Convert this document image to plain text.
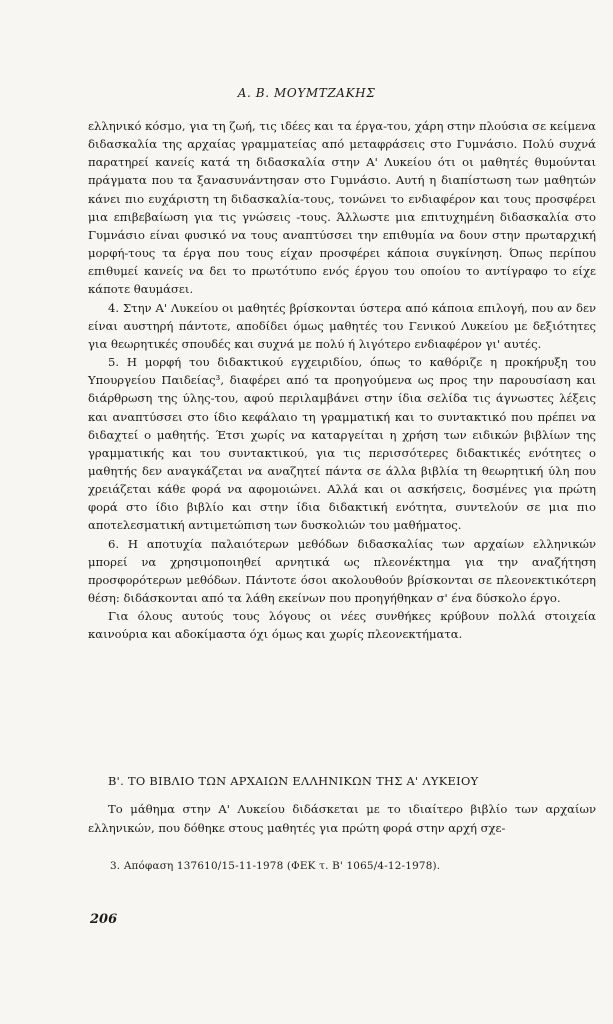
Α. Β. ΜΟΥΜΤΖΑΚΗΣ

ελληνικό κόσμο, για τη ζωή, τις ιδέες και τα έργα-του, χάρη στην πλούσια σε κείμενα διδασκαλία της αρχαίας γραμματείας από μεταφράσεις στο Γυμνάσιο. Πολύ συχνά παρατηρεί κανείς κατά τη διδασκαλία στην Α' Λυκείου ότι οι μαθητές θυμούνται πράγματα που τα ξανασυνάντησαν στο Γυμνάσιο. Αυτή η διαπίστωση των μαθητών κάνει πιο ευχάριστη τη διδασκαλία-τους, τονώνει το ενδιαφέρον και τους προσφέρει μια επιβεβαίωση για τις γνώσεις -τους. Άλλωστε μια επιτυχημένη διδασκαλία στο Γυμνάσιο είναι φυσικό να τους αναπτύσσει την επιθυμία να δουν στην πρωταρχική μορφή-τους τα έργα που τους είχαν προσφέρει κάποια συγκίνηση. Όπως περίπου επιθυμεί κανείς να δει το πρωτότυπο ενός έργου του οποίου το αντίγραφο το είχε κάποτε θαυμάσει.

4. Στην Α' Λυκείου οι μαθητές βρίσκονται ύστερα από κάποια επιλογή, που αν δεν είναι αυστηρή πάντοτε, αποδίδει όμως μαθητές του Γενικού Λυκείου με δεξιότητες για θεωρητικές σπουδές και συχνά με πολύ ή λιγότερο ενδιαφέρον γι' αυτές.

5. Η μορφή του διδακτικού εγχειριδίου, όπως το καθόριζε η προκήρυξη του Υπουργείου Παιδείας³, διαφέρει από τα προηγούμενα ως προς την παρουσίαση και διάρθρωση της ύλης-του, αφού περιλαμβάνει στην ίδια σελίδα τις άγνωστες λέξεις και αναπτύσσει στο ίδιο κεφάλαιο τη γραμματική και το συντακτικό που πρέπει να διδαχτεί ο μαθητής. Έτσι χωρίς να καταργείται η χρήση των ειδικών βιβλίων της γραμματικής και του συντακτικού, για τις περισσότερες διδακτικές ενότητες ο μαθητής δεν αναγκάζεται να αναζητεί πάντα σε άλλα βιβλία τη θεωρητική ύλη που χρειάζεται κάθε φορά να αφομοιώνει. Αλλά και οι ασκήσεις, δοσμένες για πρώτη φορά στο ίδιο βιβλίο και στην ίδια διδακτική ενότητα, συντελούν σε μια πιο αποτελεσματική αντιμετώπιση των δυσκολιών του μαθήματος.

6. Η αποτυχία παλαιότερων μεθόδων διδασκαλίας των αρχαίων ελληνικών μπορεί να χρησιμοποιηθεί αρνητικά ως πλεονέκτημα για την αναζήτηση προσφορότερων μεθόδων. Πάντοτε όσοι ακολουθούν βρίσκονται σε πλεονεκτικότερη θέση: διδάσκονται από τα λάθη εκείνων που προηγήθηκαν σ' ένα δύσκολο έργο.

Για όλους αυτούς τους λόγους οι νέες συνθήκες κρύβουν πολλά στοιχεία καινούρια και αδοκίμαστα όχι όμως και χωρίς πλεονεκτήματα.

Β'. ΤΟ ΒΙΒΛΙΟ ΤΩΝ ΑΡΧΑΙΩΝ ΕΛΛΗΝΙΚΩΝ ΤΗΣ Α' ΛΥΚΕΙΟΥ

Το μάθημα στην Α' Λυκείου διδάσκεται με το ιδιαίτερο βιβλίο των αρχαίων ελληνικών, που δόθηκε στους μαθητές για πρώτη φορά στην αρχή σχε-

3. Απόφαση 137610/15-11-1978 (ΦΕΚ τ. Β' 1065/4-12-1978).
206
